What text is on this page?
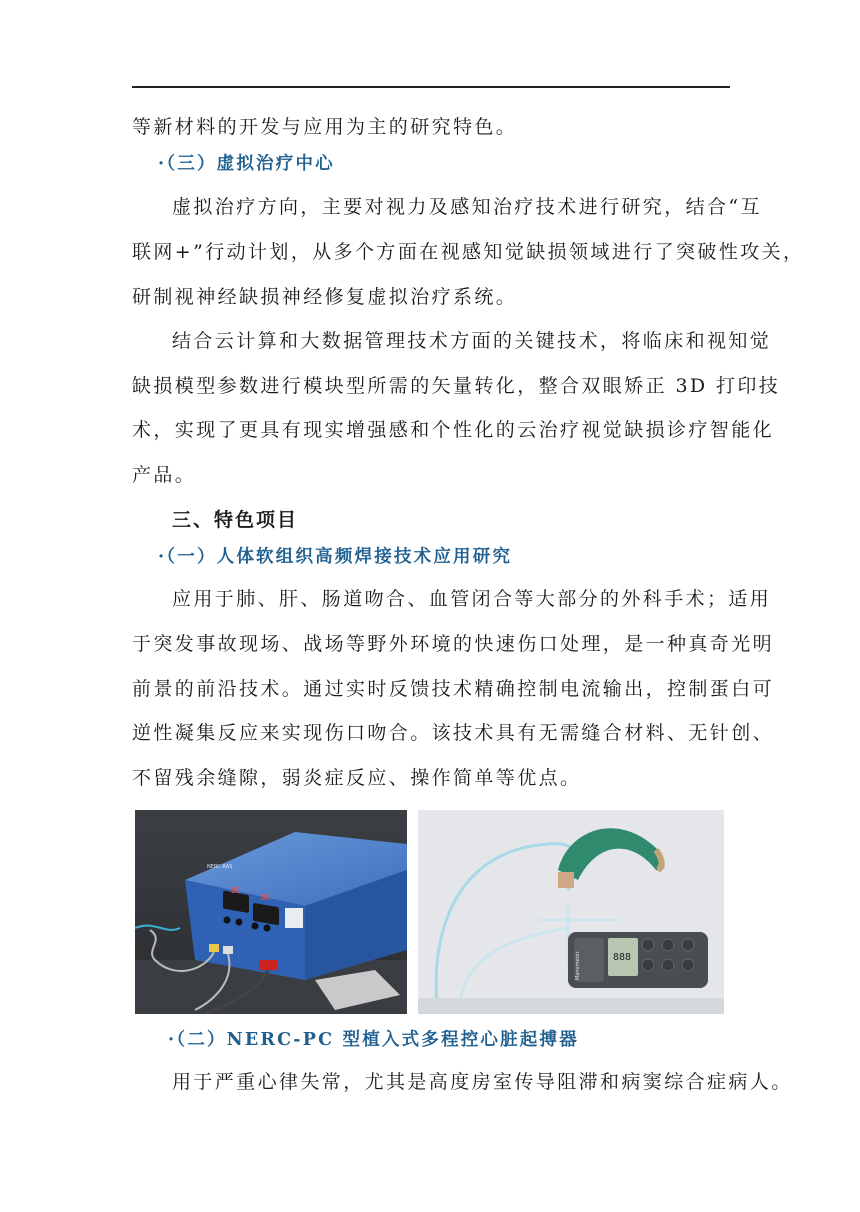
等新材料的开发与应用为主的研究特色。
·（三）虚拟治疗中心
虚拟治疗方向，主要对视力及感知治疗技术进行研究，结合“互
联网+”行动计划，从多个方面在视感知觉缺损领域进行了突破性攻关，
研制视神经缺损神经修复虚拟治疗系统。
结合云计算和大数据管理技术方面的关键技术，将临床和视知觉
缺损模型参数进行模块型所需的矢量转化，整合双眼矫正 3D 打印技
术，实现了更具有现实增强感和个性化的云治疗视觉缺损诊疗智能化
产品。
三、特色项目
·（一）人体软组织高频焊接技术应用研究
应用于肺、肝、肠道吻合、血管闭合等大部分的外科手术；适用
于突发事故现场、战场等野外环境的快速伤口处理，是一种真奇光明
前景的前沿技术。通过实时反馈技术精确控制电流输出，控制蛋白可
逆性凝集反应来实现伤口吻合。该技术具有无需缝合材料、无针创、
不留残余缝隙，弱炎症反应、操作简单等优点。
88
88
NERC-RAS
888
Manometer
·（二）NERC-PC 型植入式多程控心脏起搏器
用于严重心律失常，尤其是高度房室传导阻滞和病窦综合症病人。
